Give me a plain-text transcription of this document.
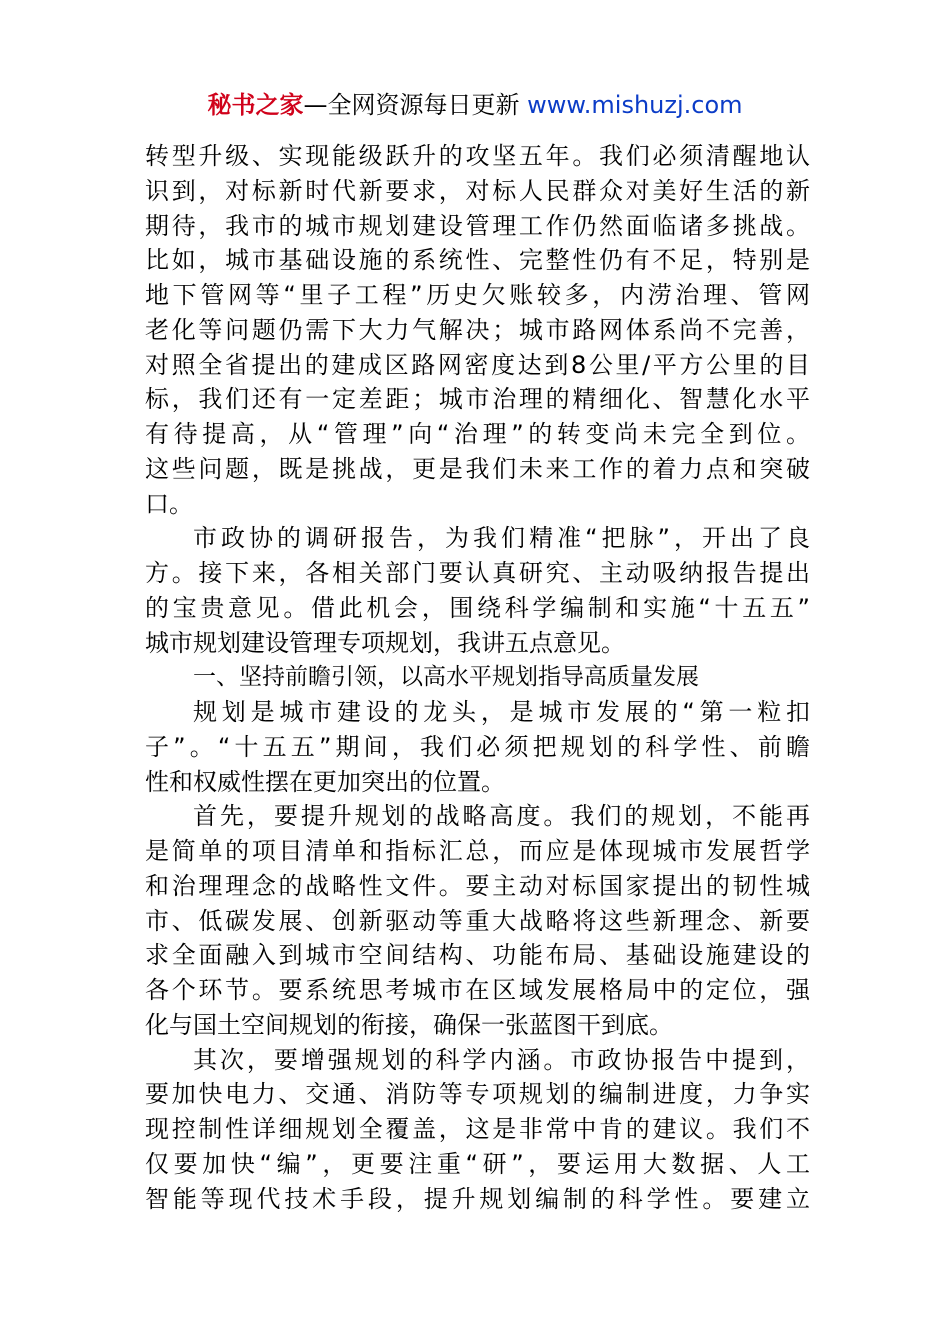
秘书之家—全网资源每日更新 www.mishuzj.com
转型升级、实现能级跃升的攻坚五年。我们必须清醒地认
识到，对标新时代新要求，对标人民群众对美好生活的新
期待，我市的城市规划建设管理工作仍然面临诸多挑战。
比如，城市基础设施的系统性、完整性仍有不足，特别是
地下管网等“里子工程”历史欠账较多，内涝治理、管网
老化等问题仍需下大力气解决；城市路网体系尚不完善，
对照全省提出的建成区路网密度达到8公里/平方公里的目
标，我们还有一定差距；城市治理的精细化、智慧化水平
有待提高，从“管理”向“治理”的转变尚未完全到位。
这些问题，既是挑战，更是我们未来工作的着力点和突破
口。
市政协的调研报告，为我们精准“把脉”，开出了良
方。接下来，各相关部门要认真研究、主动吸纳报告提出
的宝贵意见。借此机会，围绕科学编制和实施“十五五”
城市规划建设管理专项规划，我讲五点意见。
一、坚持前瞻引领，以高水平规划指导高质量发展
规划是城市建设的龙头，是城市发展的“第一粒扣
子”。“十五五”期间，我们必须把规划的科学性、前瞻
性和权威性摆在更加突出的位置。
首先，要提升规划的战略高度。我们的规划，不能再
是简单的项目清单和指标汇总，而应是体现城市发展哲学
和治理理念的战略性文件。要主动对标国家提出的韧性城
市、低碳发展、创新驱动等重大战略将这些新理念、新要
求全面融入到城市空间结构、功能布局、基础设施建设的
各个环节。要系统思考城市在区域发展格局中的定位，强
化与国土空间规划的衔接，确保一张蓝图干到底。
其次，要增强规划的科学内涵。市政协报告中提到，
要加快电力、交通、消防等专项规划的编制进度，力争实
现控制性详细规划全覆盖，这是非常中肯的建议。我们不
仅要加快“编”，更要注重“研”，要运用大数据、人工
智能等现代技术手段，提升规划编制的科学性。要建立
